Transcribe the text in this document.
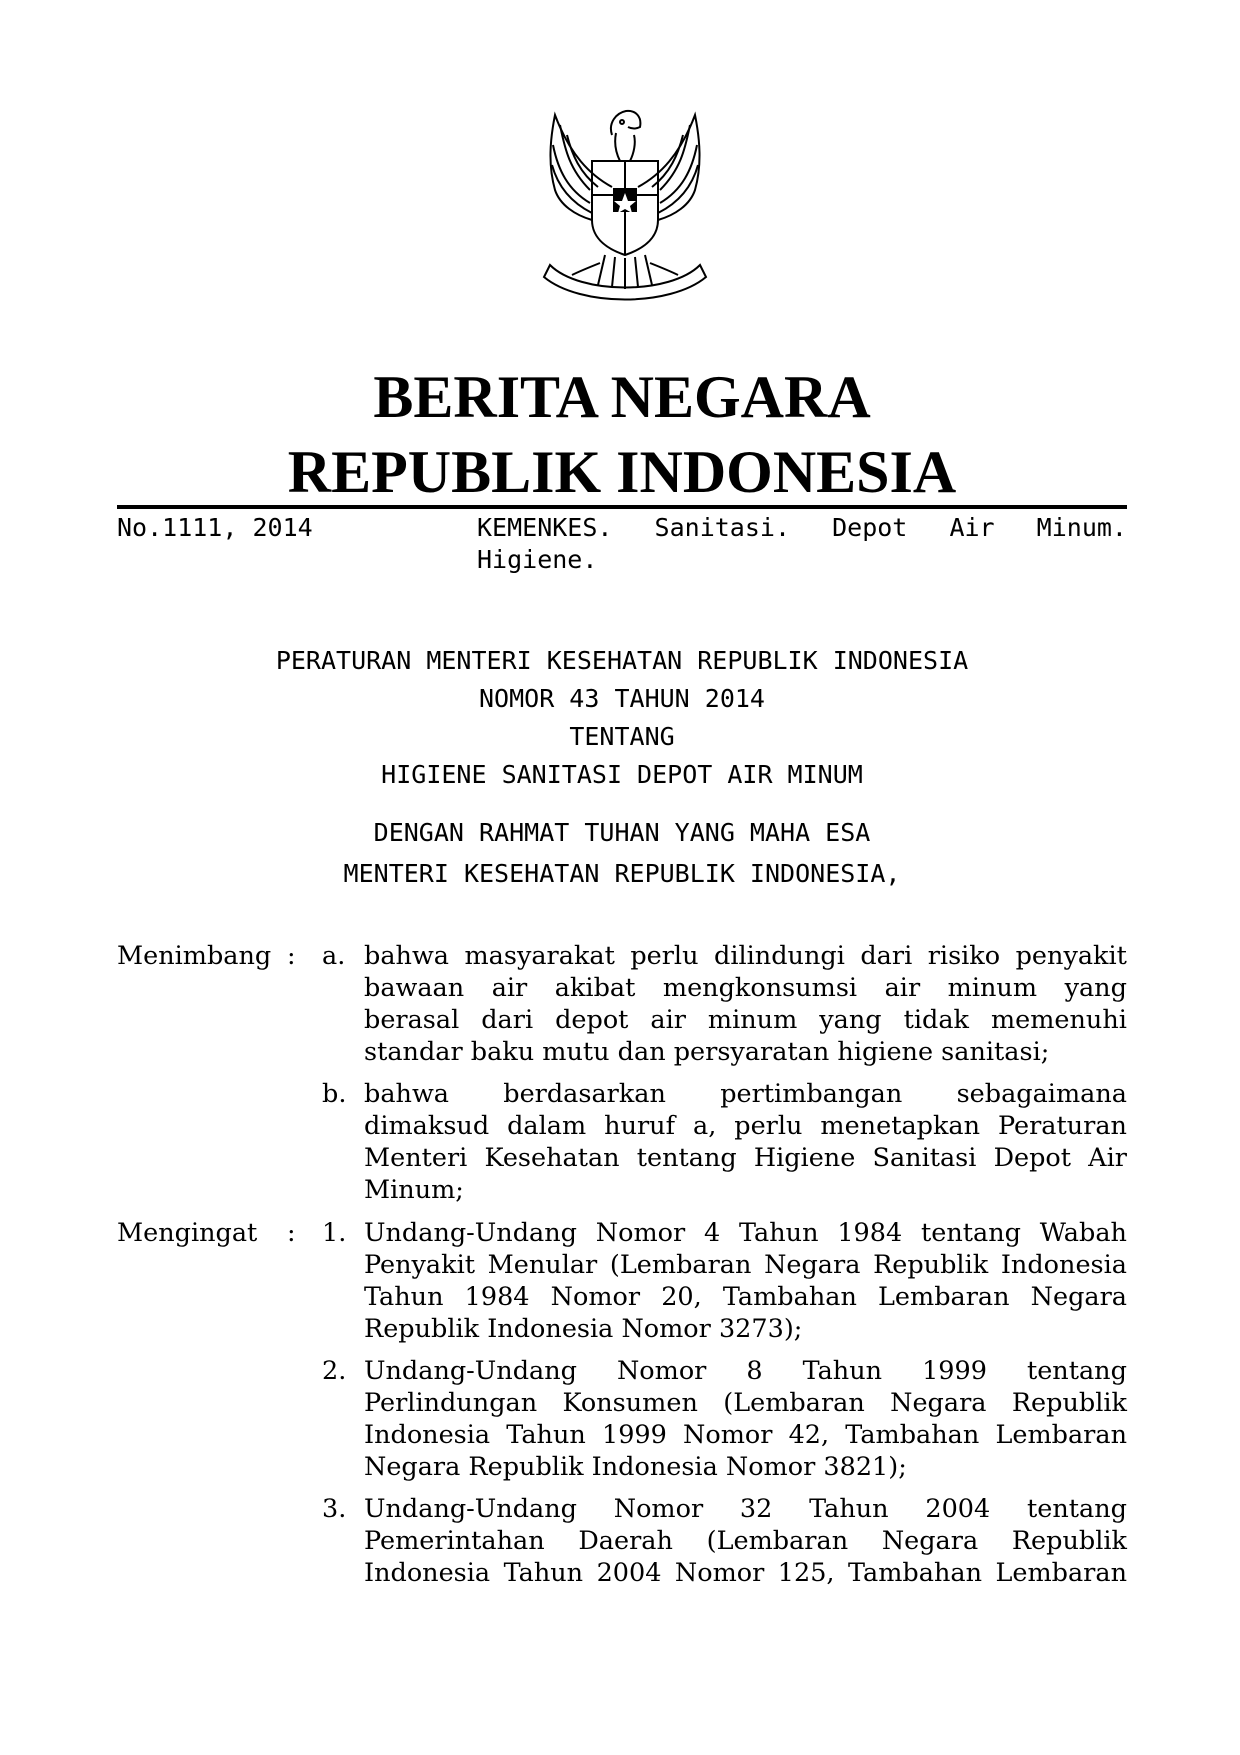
BERITA NEGARA
REPUBLIK INDONESIA
No.1111, 2014	KEMENKES. Sanitasi. Depot Air Minum.
Higiene.
PERATURAN MENTERI KESEHATAN REPUBLIK INDONESIA
NOMOR 43 TAHUN 2014
TENTANG
HIGIENE SANITASI DEPOT AIR MINUM
DENGAN RAHMAT TUHAN YANG MAHA ESA
MENTERI KESEHATAN REPUBLIK INDONESIA,
Menimbang : a. bahwa masyarakat perlu dilindungi dari risiko penyakit
bawaan air akibat mengkonsumsi air minum yang
berasal dari depot air minum yang tidak memenuhi
standar baku mutu dan persyaratan higiene sanitasi;
b. bahwa berdasarkan pertimbangan sebagaimana
dimaksud dalam huruf a, perlu menetapkan Peraturan
Menteri Kesehatan tentang Higiene Sanitasi Depot Air
Minum;
Mengingat : 1. Undang-Undang Nomor 4 Tahun 1984 tentang Wabah
Penyakit Menular (Lembaran Negara Republik Indonesia
Tahun 1984 Nomor 20, Tambahan Lembaran Negara
Republik Indonesia Nomor 3273);
2. Undang-Undang Nomor 8 Tahun 1999 tentang
Perlindungan Konsumen (Lembaran Negara Republik
Indonesia Tahun 1999 Nomor 42, Tambahan Lembaran
Negara Republik Indonesia Nomor 3821);
3. Undang-Undang Nomor 32 Tahun 2004 tentang
Pemerintahan Daerah (Lembaran Negara Republik
Indonesia Tahun 2004 Nomor 125, Tambahan Lembaran
